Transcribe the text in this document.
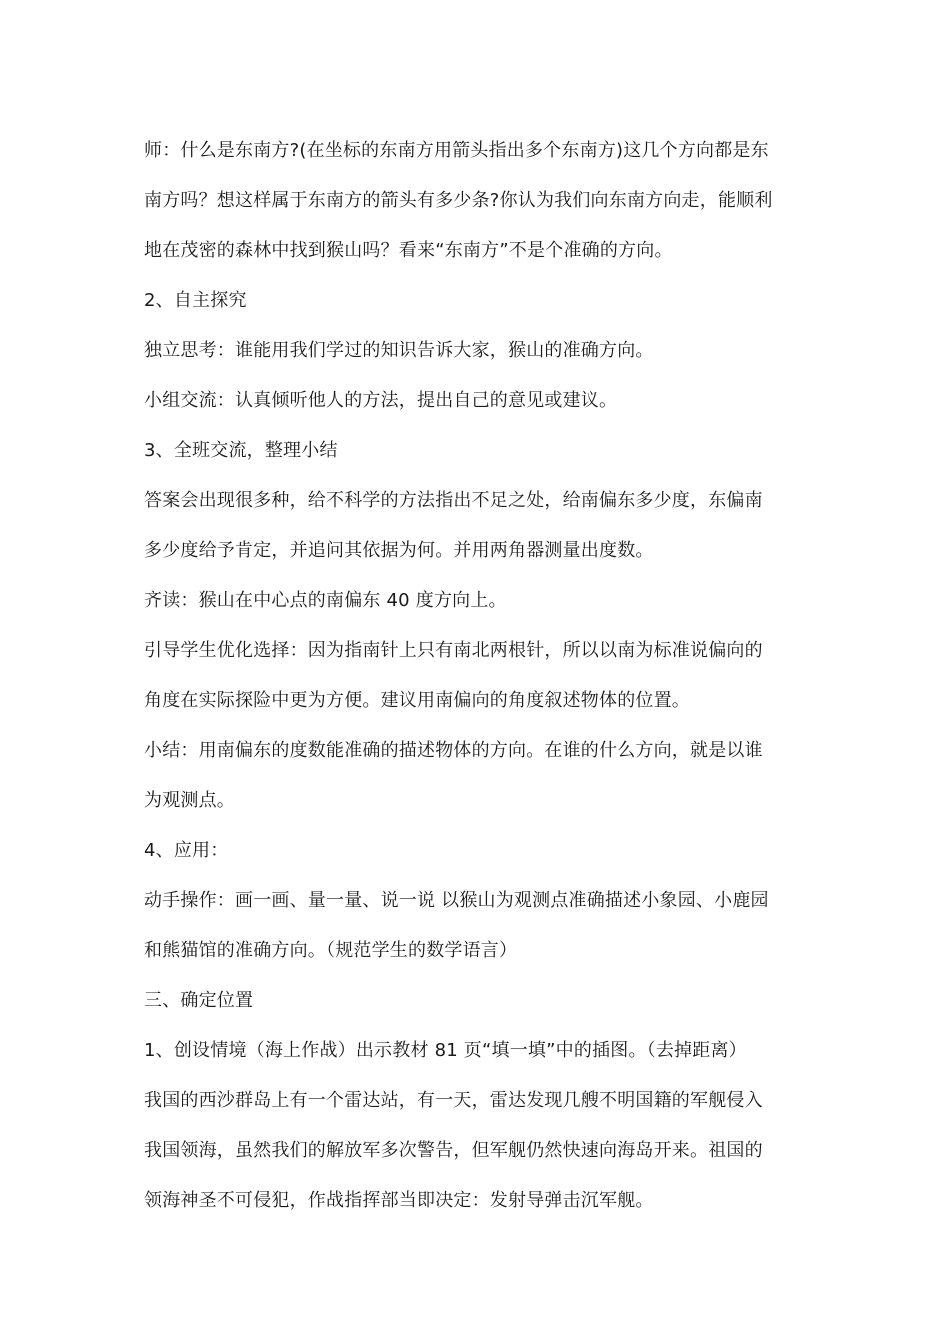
师：什么是东南方?(在坐标的东南方用箭头指出多个东南方)这几个方向都是东
南方吗？想这样属于东南方的箭头有多少条?你认为我们向东南方向走，能顺利
地在茂密的森林中找到猴山吗？看来“东南方”不是个准确的方向。
2、自主探究
独立思考：谁能用我们学过的知识告诉大家，猴山的准确方向。
小组交流：认真倾听他人的方法，提出自己的意见或建议。
3、全班交流，整理小结
答案会出现很多种，给不科学的方法指出不足之处，给南偏东多少度，东偏南
多少度给予肯定，并追问其依据为何。并用两角器测量出度数。
齐读：猴山在中心点的南偏东 40 度方向上。
引导学生优化选择：因为指南针上只有南北两根针，所以以南为标准说偏向的
角度在实际探险中更为方便。建议用南偏向的角度叙述物体的位置。
小结：用南偏东的度数能准确的描述物体的方向。在谁的什么方向，就是以谁
为观测点。
4、应用：
动手操作：画一画、量一量、说一说 以猴山为观测点准确描述小象园、小鹿园
和熊猫馆的准确方向。（规范学生的数学语言）
三、确定位置
1、创设情境（海上作战）出示教材 81 页“填一填”中的插图。（去掉距离）
我国的西沙群岛上有一个雷达站，有一天，雷达发现几艘不明国籍的军舰侵入
我国领海，虽然我们的解放军多次警告，但军舰仍然快速向海岛开来。祖国的
领海神圣不可侵犯，作战指挥部当即决定：发射导弹击沉军舰。
